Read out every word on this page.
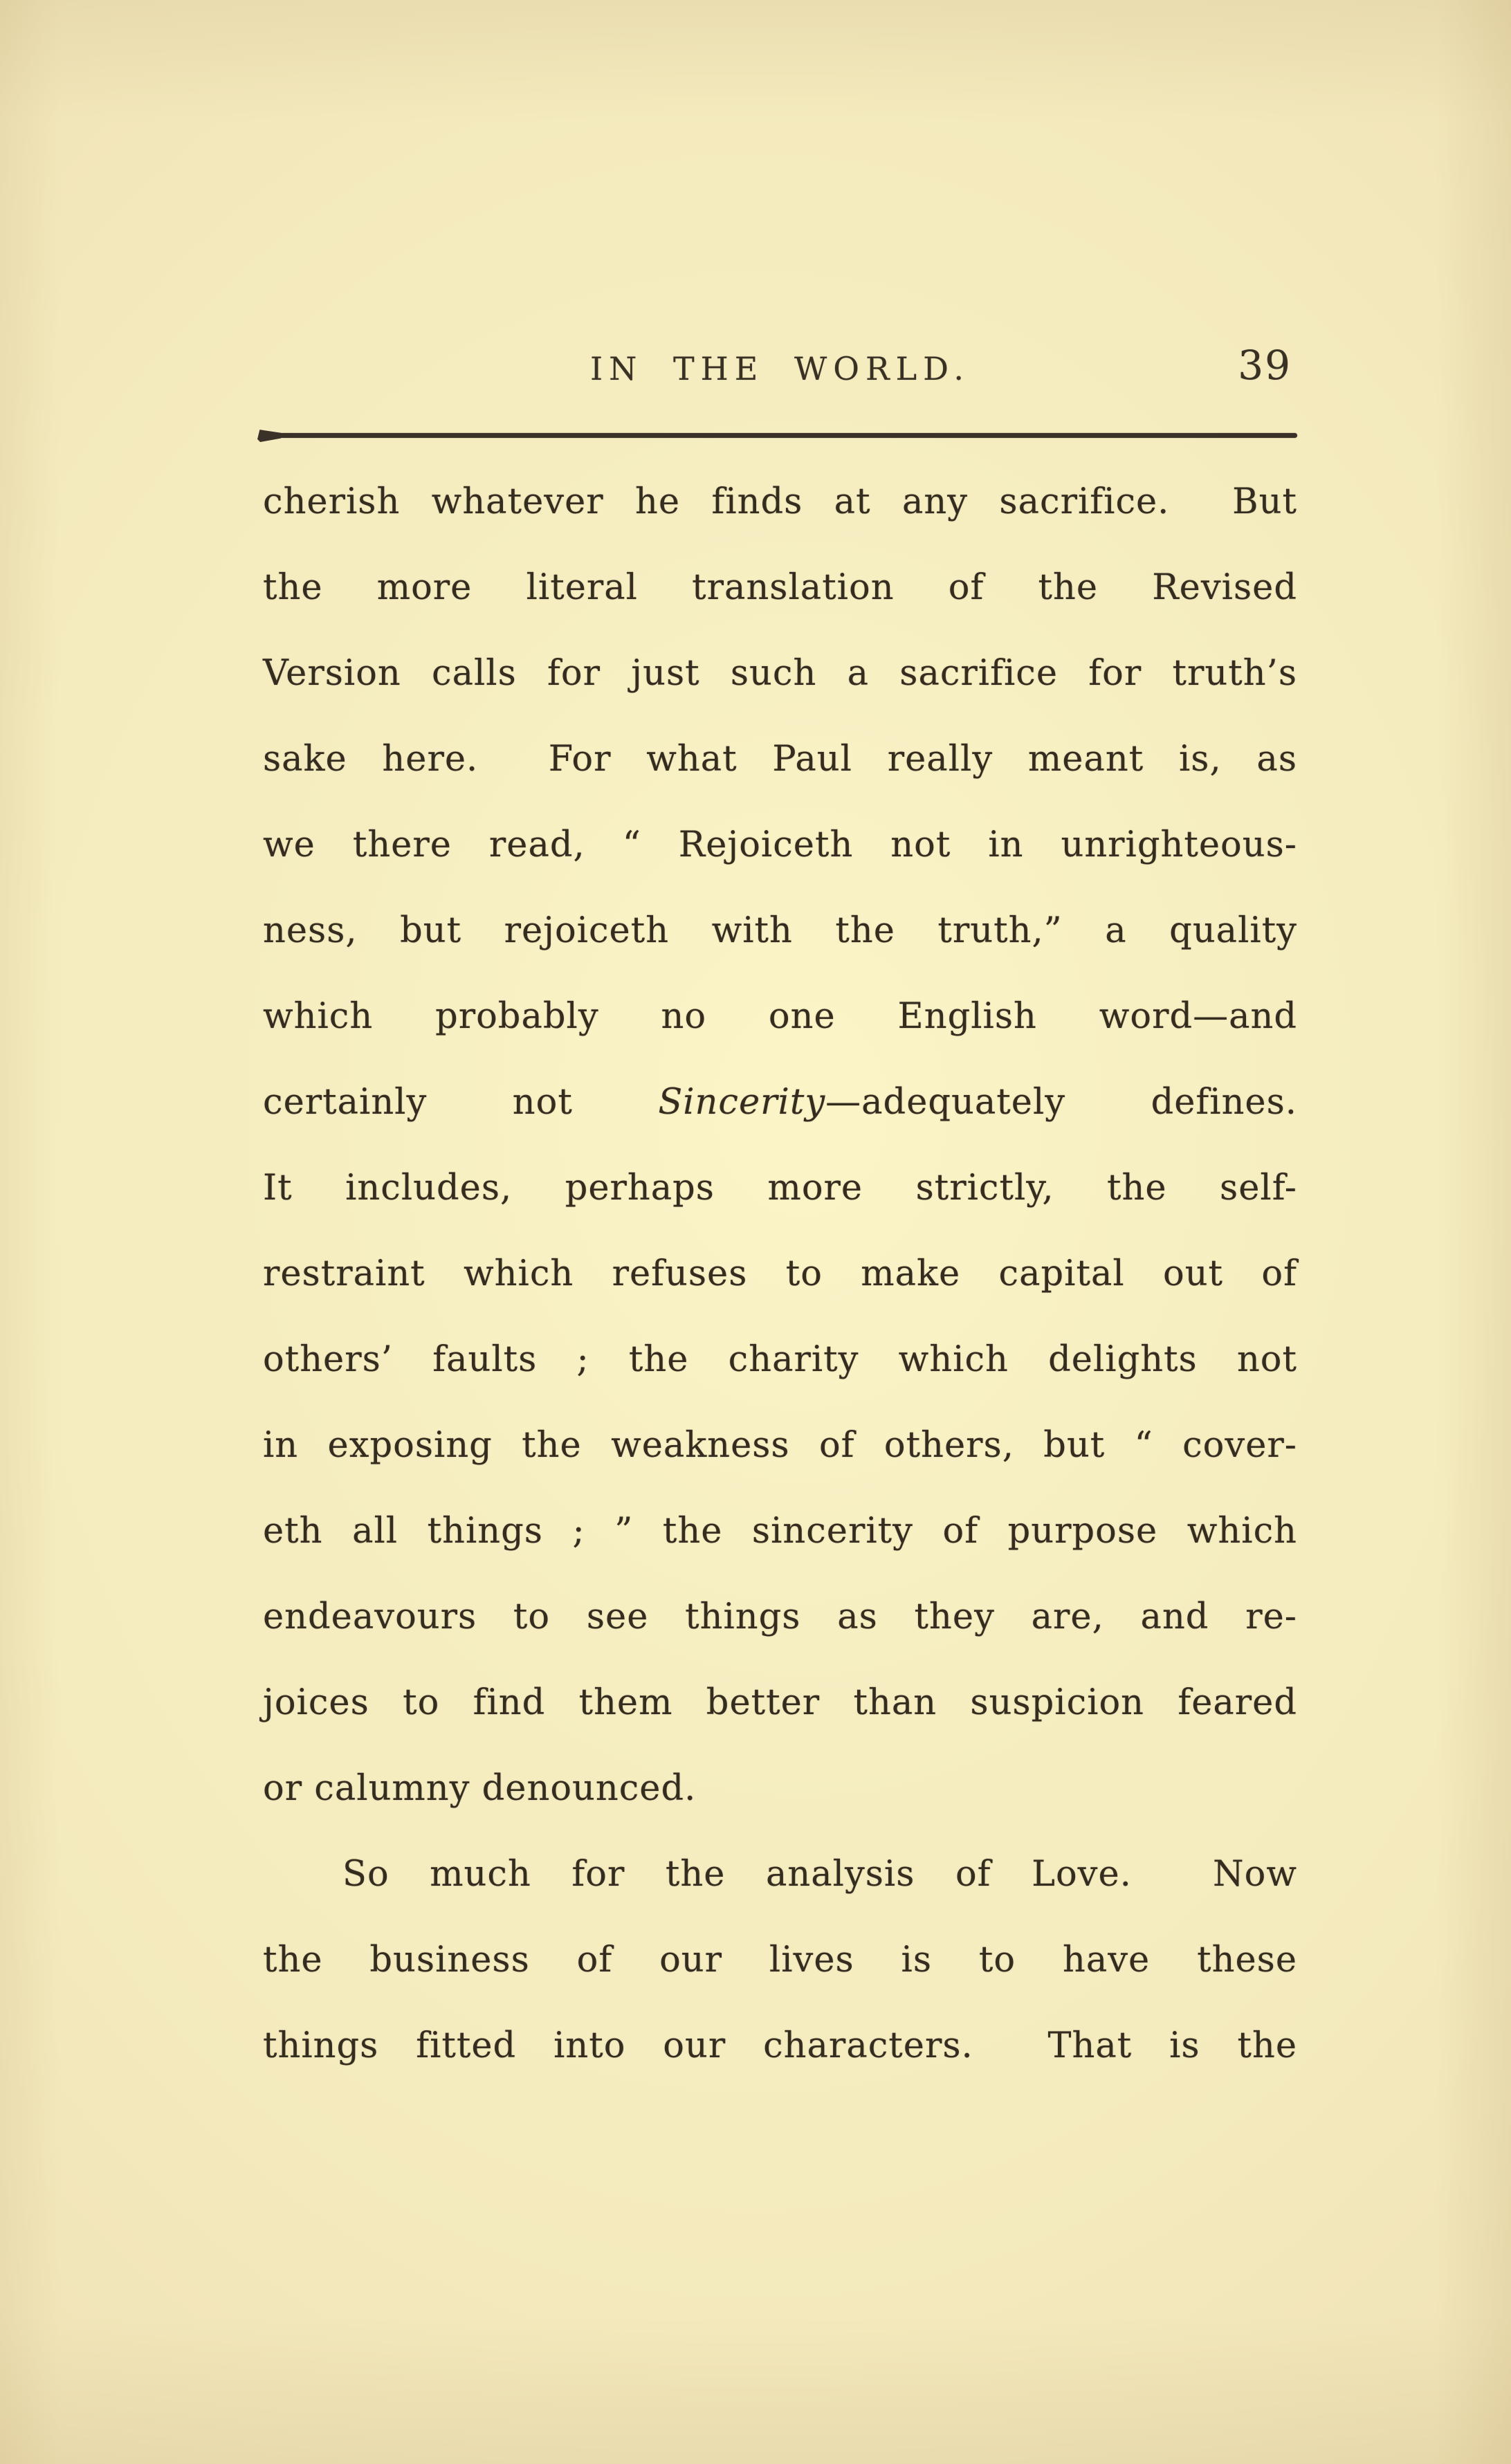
IN THE WORLD.	39
cherish whatever he finds at any sacrifice.  But
the more literal translation of the Revised
Version calls for just such a sacrifice for truth’s
sake here.  For what Paul really meant is, as
we there read, “ Rejoiceth not in unrighteous-
ness, but rejoiceth with the truth,” a quality
which probably no one English word—and
certainly not Sincerity—adequately defines.
It includes, perhaps more strictly, the self-
restraint which refuses to make capital out of
others’ faults ; the charity which delights not
in exposing the weakness of others, but “ cover-
eth all things ; ” the sincerity of purpose which
endeavours to see things as they are, and re-
joices to find them better than suspicion feared
or calumny denounced.
So much for the analysis of Love.  Now
the business of our lives is to have these
things fitted into our characters.  That is the
